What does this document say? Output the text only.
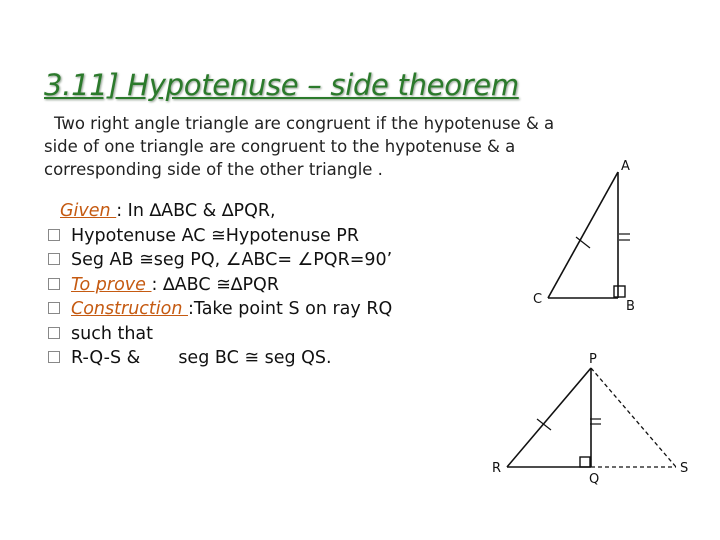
3.11] Hypotenuse – side theorem
Two right angle triangle are congruent if the hypotenuse & a
side of one triangle are congruent to the hypotenuse & a
corresponding side of the other triangle .
Given : In ∆ABC & ∆PQR,
Hypotenuse AC ≅Hypotenuse PR
Seg AB ≅seg PQ, ∠ABC= ∠PQR=90’
To prove : ∆ABC ≅∆PQR
Construction :Take point S on ray RQ
such that
R-Q-S & seg BC ≅ seg QS.
A
B
C
P
Q
R	S
